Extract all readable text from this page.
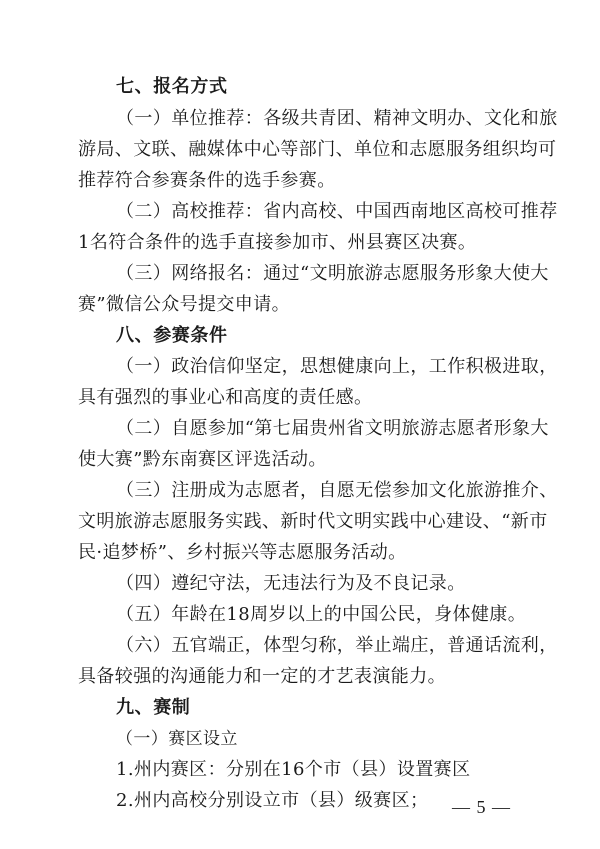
七、报名方式
（一）单位推荐：各级共青团、精神文明办、文化和旅
游局、文联、融媒体中心等部门、单位和志愿服务组织均可
推荐符合参赛条件的选手参赛。
（二）高校推荐：省内高校、中国西南地区高校可推荐
1名符合条件的选手直接参加市、州县赛区决赛。
（三）网络报名：通过“文明旅游志愿服务形象大使大
赛”微信公众号提交申请。
八、参赛条件
（一）政治信仰坚定，思想健康向上，工作积极进取，
具有强烈的事业心和高度的责任感。
（二）自愿参加“第七届贵州省文明旅游志愿者形象大
使大赛”黔东南赛区评选活动。
（三）注册成为志愿者，自愿无偿参加文化旅游推介、
文明旅游志愿服务实践、新时代文明实践中心建设、“新市
民·追梦桥”、乡村振兴等志愿服务活动。
（四）遵纪守法，无违法行为及不良记录。
（五）年龄在18周岁以上的中国公民，身体健康。
（六）五官端正，体型匀称，举止端庄，普通话流利，
具备较强的沟通能力和一定的才艺表演能力。
九、赛制
（一）赛区设立
1.州内赛区：分别在16个市（县）设置赛区
2.州内高校分别设立市（县）级赛区； — 5 —
